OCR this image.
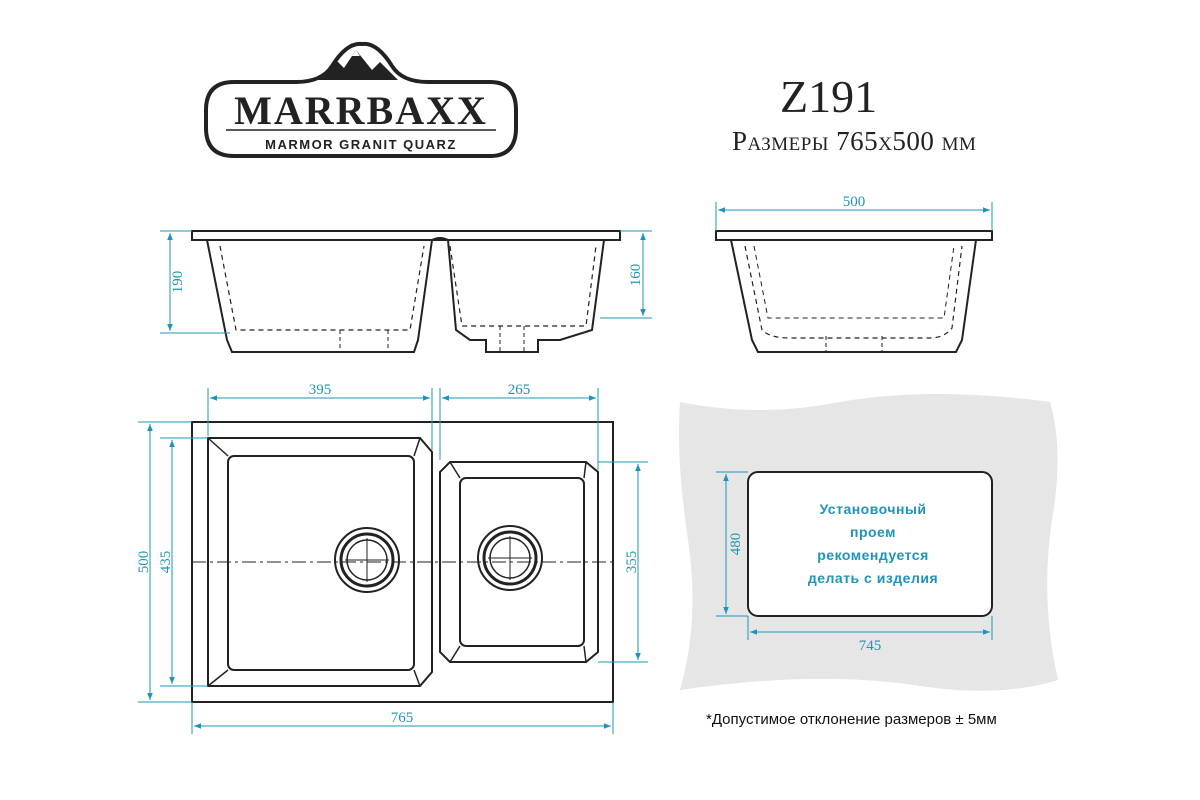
MARRBAXX
MARMOR GRANIT QUARZ
190	160
500
395	265
500 435	355
765
480
745
Z191
Размеры 765x500 мм
Установочный
проем
рекомендуется
делать с изделия
*Допустимое отклонение размеров ± 5мм
